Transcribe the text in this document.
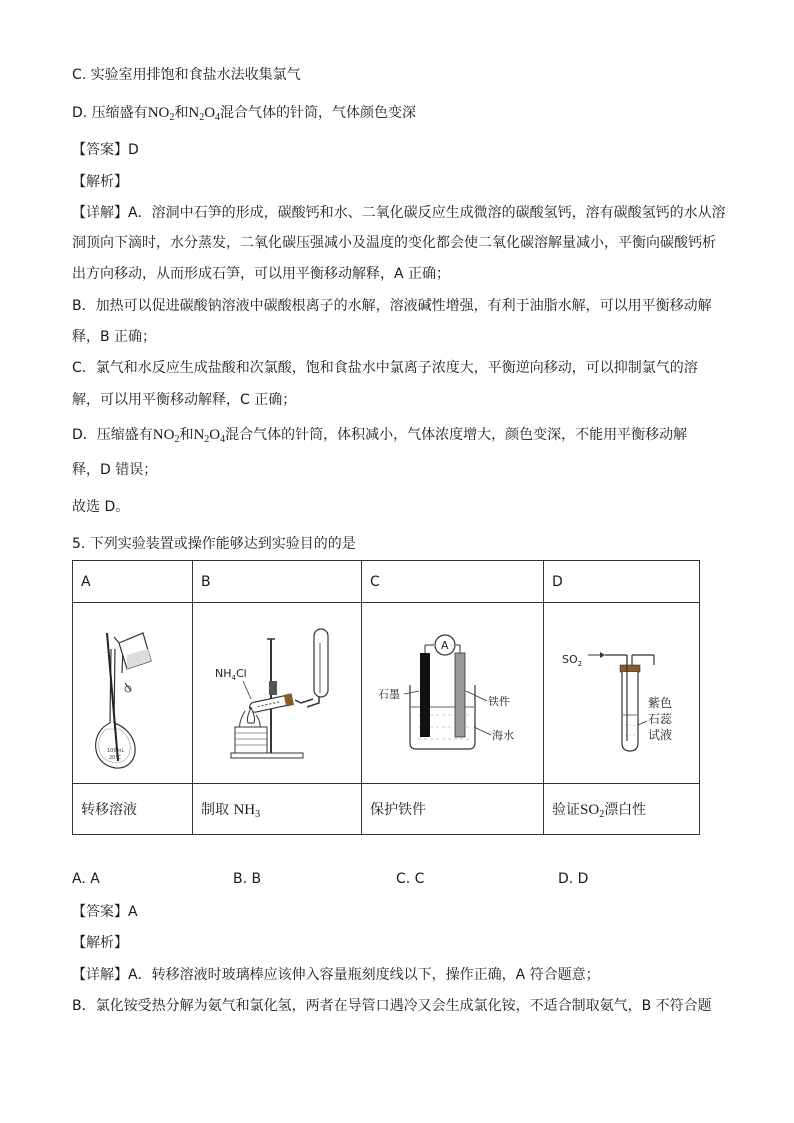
C. 实验室用排饱和食盐水法收集氯气
D. 压缩盛有$NO_2$和$N_2O_4$混合气体的针筒，气体颜色变深
【答案】D
【解析】
【详解】A．溶洞中石笋的形成，碳酸钙和水、二氧化碳反应生成微溶的碳酸氢钙，溶有碳酸氢钙的水从溶
洞顶向下滴时，水分蒸发，二氧化碳压强减小及温度的变化都会使二氧化碳溶解量减小，平衡向碳酸钙析
出方向移动，从而形成石笋，可以用平衡移动解释，A 正确；
B．加热可以促进碳酸钠溶液中碳酸根离子的水解，溶液碱性增强，有利于油脂水解，可以用平衡移动解
释，B 正确；
C．氯气和水反应生成盐酸和次氯酸，饱和食盐水中氯离子浓度大，平衡逆向移动，可以抑制氯气的溶
解，可以用平衡移动解释，C 正确；
D．压缩盛有$NO_2$和$N_2O_4$混合气体的针筒，体积减小，气体浓度增大，颜色变深，不能用平衡移动解
释，D 错误；
故选 D。
5. 下列实验装置或操作能够达到实验目的的是
A	B	C	D

100mL
20°C	$NH_4Cl$	A
石墨
铁件
海水	$SO_2$
紫色
石蕊
试液

转移溶液	制取 $NH_3$	保护铁件	验证$SO_2$漂白性
A. A	B. B	C. C	D. D
【答案】A
【解析】
【详解】A．转移溶液时玻璃棒应该伸入容量瓶刻度线以下，操作正确，A 符合题意；
B．氯化铵受热分解为氨气和氯化氢，两者在导管口遇冷又会生成氯化铵，不适合制取氨气，B 不符合题
